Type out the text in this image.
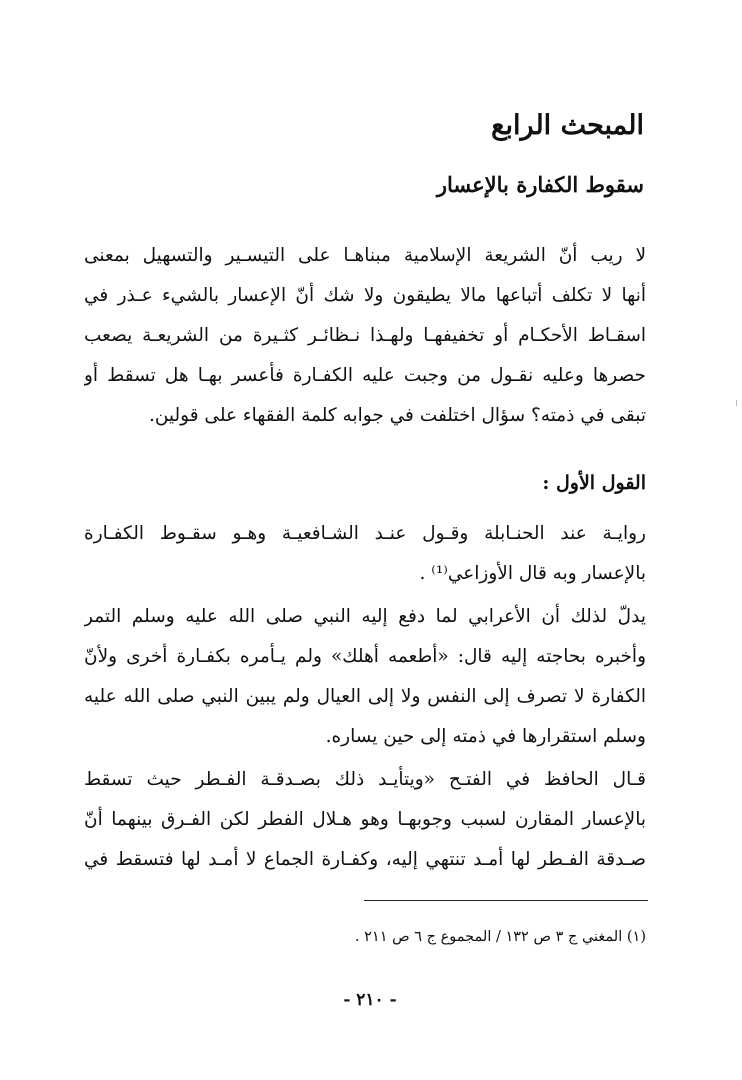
المبحث الرابع
سقوط الكفارة بالإعسار
لا ريب أنّ الشريعة الإسلامية مبناهـا على التيسـير والتسهيل بمعنى
أنها لا تكلف أتباعها مالا يطيقون ولا شك أنّ الإعسار بالشيء عـذر في
اسقـاط الأحكـام أو تخفيفهـا ولهـذا نـظائـر كثـيرة من الشريعـة يصعب
حصرها وعليه نقـول من وجبت عليه الكفـارة فأعسر بهـا هل تسقط أو
تبقى في ذمته؟ سؤال اختلفت في جوابه كلمة الفقهاء على قولين.
القول الأول :
روايـة عند الحنـابلة وقـول عنـد الشـافعيـة وهـو سقـوط الكفـارة
بالإعسار وبه قال الأوزاعي⁽¹⁾ .
يدلّ لذلك أن الأعرابي لما دفع إليه النبي صلى الله عليه وسلم التمر
وأخبره بحاجته إليه قال: «أطعمه أهلك» ولم يـأمره بكفـارة أخرى ولأنّ
الكفارة لا تصرف إلى النفس ولا إلى العيال ولم يبين النبي صلى الله عليه
وسلم استقرارها في ذمته إلى حين يساره.
قـال الحافظ في الفتـح «ويتأيـد ذلك بصـدقـة الفـطر حيث تسقط
بالإعسار المقارن لسبب وجوبهـا وهو هـلال الفطر لكن الفـرق بينهما أنّ
صـدقة الفـطر لها أمـد تنتهي إليه، وكفـارة الجماع لا أمـد لها فتسقط في
(١) المغني ج ٣ ص ١٣٢ / المجموع ج ٦ ص ٢١١ .
- ٢١٠ -
